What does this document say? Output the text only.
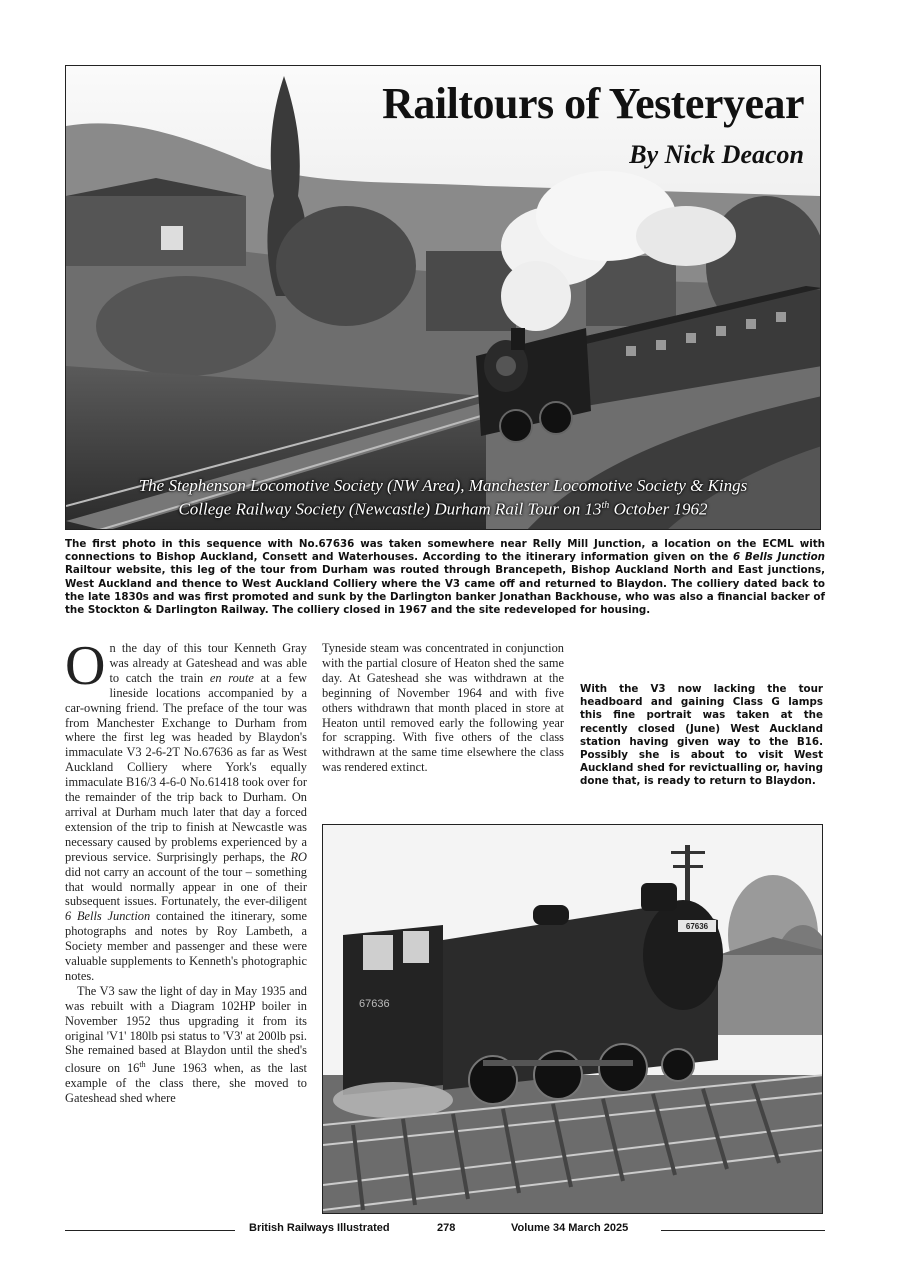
Railtours of Yesteryear
By Nick Deacon
The Stephenson Locomotive Society (NW Area), Manchester Locomotive Society & Kings
College Railway Society (Newcastle) Durham Rail Tour on 13th October 1962
The first photo in this sequence with No.67636 was taken somewhere near Relly Mill Junction, a location on the ECML with connections to Bishop Auckland, Consett and Waterhouses. According to the itinerary information given on the 6 Bells Junction Railtour website, this leg of the tour from Durham was routed through Brancepeth, Bishop Auckland North and East junctions, West Auckland and thence to West Auckland Colliery where the V3 came off and returned to Blaydon. The colliery dated back to the late 1830s and was first promoted and sunk by the Darlington banker Jonathan Backhouse, who was also a financial backer of the Stockton & Darlington Railway. The colliery closed in 1967 and the site redeveloped for housing.

On the day of this tour Kenneth Gray was already at Gateshead and was able to catch the train en route at a few lineside locations accompanied by a car-owning friend. The preface of the tour was from Manchester Exchange to Durham from where the first leg was headed by Blaydon's immaculate V3 2-6-2T No.67636 as far as West Auckland Colliery where York's equally immaculate B16/3 4-6-0 No.61418 took over for the remainder of the trip back to Durham. On arrival at Durham much later that day a forced extension of the trip to finish at Newcastle was necessary caused by problems experienced by a previous service. Surprisingly perhaps, the RO did not carry an account of the tour – something that would normally appear in one of their subsequent issues. Fortunately, the ever-diligent 6 Bells Junction contained the itinerary, some photographs and notes by Roy Lambeth, a Society member and passenger and these were valuable supplements to Kenneth's photographic notes.

The V3 saw the light of day in May 1935 and was rebuilt with a Diagram 102HP boiler in November 1952 thus upgrading it from its original 'V1' 180lb psi status to 'V3' at 200lb psi. She remained based at Blaydon until the shed's closure on 16th June 1963 when, as the last example of the class there, she moved to Gateshead shed where

Tyneside steam was concentrated in conjunction with the partial closure of Heaton shed the same day. At Gateshead she was withdrawn at the beginning of November 1964 and with five others withdrawn that month placed in store at Heaton until removed early the following year for scrapping. With five others of the class withdrawn at the same time elsewhere the class was rendered extinct.

With the V3 now lacking the tour headboard and gaining Class G lamps this fine portrait was taken at the recently closed (June) West Auckland station having given way to the B16. Possibly she is about to visit West Auckland shed for revictualling or, having done that, is ready to return to Blaydon.
67636
67636
British Railways Illustrated	278	Volume 34 March 2025
